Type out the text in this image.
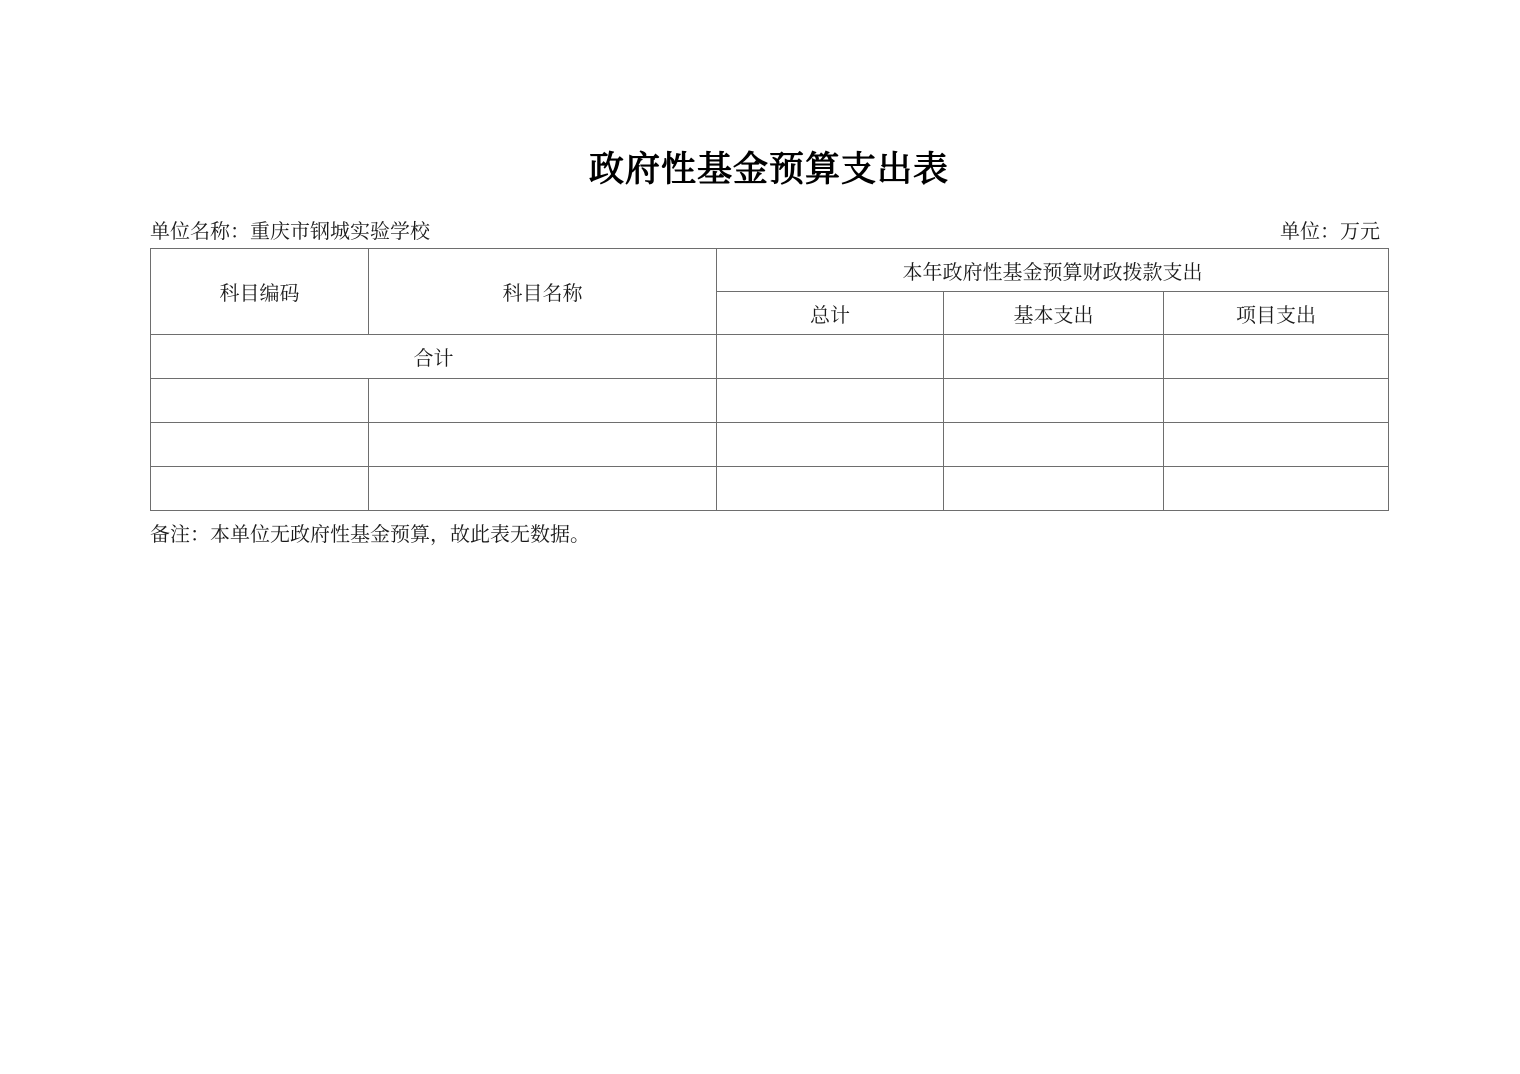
政府性基金预算支出表
单位名称：重庆市钢城实验学校	单位：万元
科目编码	科目名称	本年政府性基金预算财政拨款支出		
		总计	基本支出	项目支出
合计				

备注：本单位无政府性基金预算，故此表无数据。
